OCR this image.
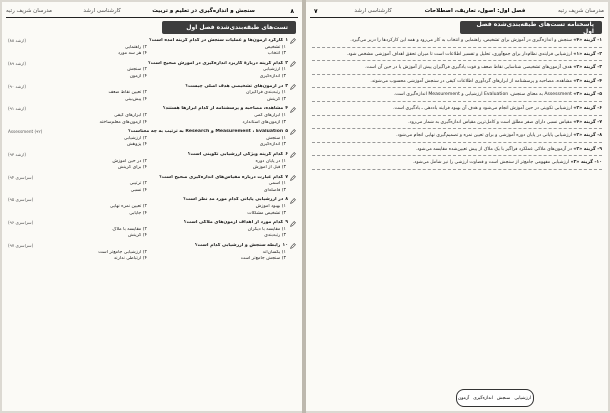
۸
سنجش و اندازه‌گیری در تعلیم و تربیت
کارشناسی ارشد
مدرسان شریف رتبه
تست‌های طبقه‌بندی‌شده فصل اول
۱
کارکرد آزمون‌ها و عملیات سنجش در کدام گزینه آمده است؟
(ارشد ۸۸)
۱) تشخیص
۲) راهنمایی
۳) انتخاب
۴) هر سه مورد
۲
کدام گزینه دربارهٔ کاربرد اندازه‌گیری در آموزش صحیح است؟
(ارشد ۸۹)
۱) ارزشیابی
۲) سنجش
۳) اندازه‌گیری
۴) آزمون
۳
در آزمون‌های تشخیصی هدف اصلی چیست؟
(ارشد ۹۰)
۱) رتبه‌بندی فراگیران
۲) تعیین نقاط ضعف
۳) گزینش
۴) پیش‌بینی
۴
مشاهده، مصاحبه و پرسشنامه از کدام ابزارها هستند؟
(ارشد ۹۱)
۱) ابزارهای کمی
۲) ابزارهای کیفی
۳) آزمون‌های استاندارد
۴) آزمون‌های معلم‌ساخته
۵
Measurement ، Evaluation و Research به ترتیب به چه معناست؟
Assessment (۹۲)
۱) سنجش
۲) ارزشیابی
۳) اندازه‌گیری
۴) پژوهش
۶
کدام گزینه ویژگی ارزشیابی تکوینی است؟
(ارشد ۹۳)
۱) در پایان دوره
۲) در حین آموزش
۳) قبل از آموزش
۴) برای گزینش
۷
کدام عبارت درباره مقیاس‌های اندازه‌گیری صحیح است؟
(سراسری ۹۴)
۱) اسمی
۲) ترتیبی
۳) فاصله‌ای
۴) نسبی
۸
در ارزشیابی پایانی کدام مورد مد نظر است؟
(سراسری ۹۵)
۱) بهبود آموزش
۲) تعیین نمره نهایی
۳) تشخیص مشکلات
۴) جایابی
۹
کدام مورد از اهداف آزمون‌های ملاکی است؟
(سراسری ۹۶)
۱) مقایسه با دیگران
۲) مقایسه با ملاک
۳) رتبه‌بندی
۴) گزینش
۱۰
رابطه سنجش و ارزشیابی کدام است؟
(سراسری ۹۷)
۱) یکسان‌اند
۲) ارزشیابی جامع‌تر است
۳) سنجش جامع‌تر است
۴) ارتباطی ندارند
مدرسان شریف رتبه
فصل اول: اصول، تعاریف، اصطلاحات
کارشناسی ارشد
۷
پاسخنامه تست‌های طبقه‌بندی‌شده فصل اول

۱- گزینه «۴» سنجش و اندازه‌گیری در آموزش برای تشخیص، راهنمایی و انتخاب به کار می‌رود و همه این کارکردها را دربر می‌گیرد.

۲- گزینه «۱» ارزشیابی فرایندی نظام‌دار برای جمع‌آوری، تحلیل و تفسیر اطلاعات است تا میزان تحقق اهداف آموزشی مشخص شود.

۳- گزینه «۲» هدف آزمون‌های تشخیصی شناسایی نقاط ضعف و قوت یادگیری فراگیران پیش از آموزش یا در حین آن است.

۴- گزینه «۲» مشاهده، مصاحبه و پرسشنامه از ابزارهای گردآوری اطلاعات کیفی در سنجش آموزشی محسوب می‌شوند.

۵- گزینه «۳» Assessment به معنای سنجش، Evaluation ارزشیابی و Measurement اندازه‌گیری است.

۶- گزینه «۲» ارزشیابی تکوینی در حین آموزش انجام می‌شود و هدف آن بهبود فرایند یاددهی ـ یادگیری است.

۷- گزینه «۴» مقیاس نسبی دارای صفر مطلق است و کامل‌ترین مقیاس اندازه‌گیری به شمار می‌رود.

۸- گزینه «۲» ارزشیابی پایانی در پایان دوره آموزشی و برای تعیین نمره و تصمیم‌گیری نهایی انجام می‌شود.

۹- گزینه «۲» در آزمون‌های ملاکی عملکرد فراگیر با یک ملاک از پیش تعیین‌شده مقایسه می‌شود.

۱۰- گزینه «۲» ارزشیابی مفهومی جامع‌تر از سنجش است و قضاوت ارزشی را نیز شامل می‌شود.

ارزشیابی
سنجش
اندازه‌گیری
آزمون
